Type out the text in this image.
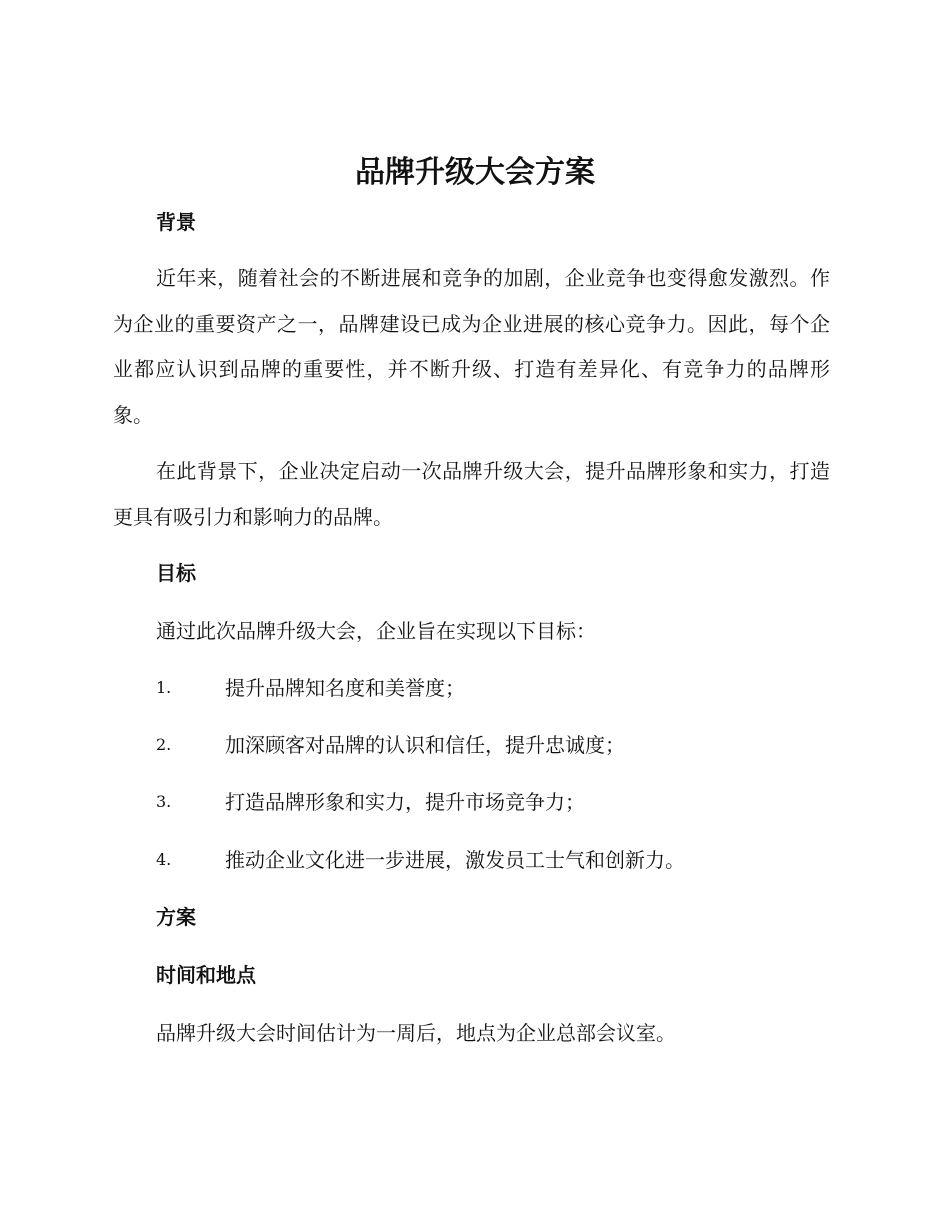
品牌升级大会方案
背景

近年来，随着社会的不断进展和竞争的加剧，企业竞争也变得愈发激烈。作为企业的重要资产之一，品牌建设已成为企业进展的核心竞争力。因此，每个企业都应认识到品牌的重要性，并不断升级、打造有差异化、有竞争力的品牌形象。

在此背景下，企业决定启动一次品牌升级大会，提升品牌形象和实力，打造更具有吸引力和影响力的品牌。

目标
通过此次品牌升级大会，企业旨在实现以下目标：
1.	提升品牌知名度和美誉度；
2.	加深顾客对品牌的认识和信任，提升忠诚度；
3.	打造品牌形象和实力，提升市场竞争力；
4.	推动企业文化进一步进展，激发员工士气和创新力。
方案
时间和地点
品牌升级大会时间估计为一周后，地点为企业总部会议室。
